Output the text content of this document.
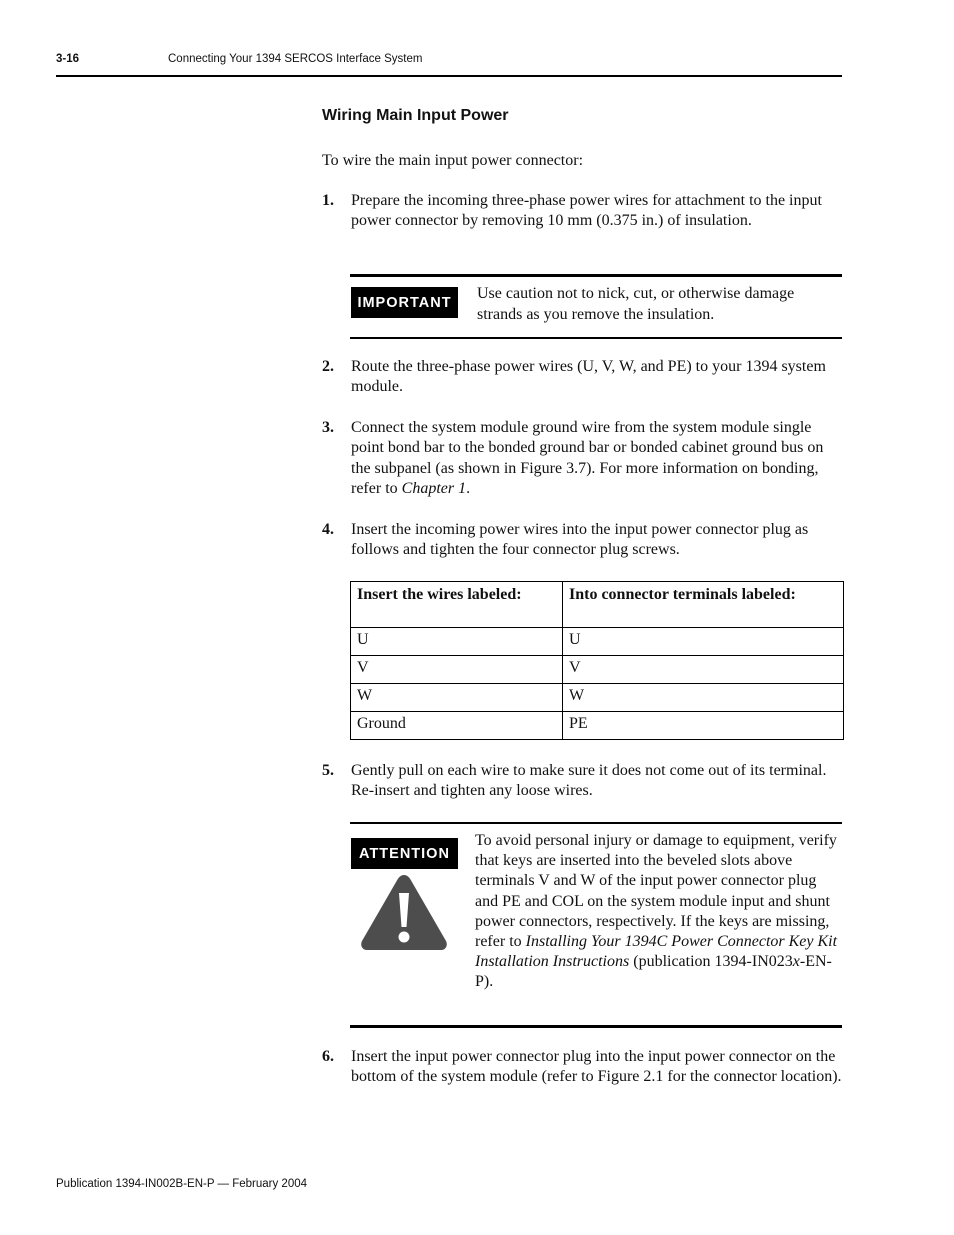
3-16	Connecting Your 1394 SERCOS Interface System
Wiring Main Input Power
To wire the main input power connector:
1. Prepare the incoming three-phase power wires for attachment to the input power connector by removing 10 mm (0.375 in.) of insulation.
IMPORTANT
Use caution not to nick, cut, or otherwise damage strands as you remove the insulation.
2. Route the three-phase power wires (U, V, W, and PE) to your 1394 system module.
3. Connect the system module ground wire from the system module single point bond bar to the bonded ground bar or bonded cabinet ground bus on the subpanel (as shown in Figure 3.7). For more information on bonding, refer to Chapter 1.
4. Insert the incoming power wires into the input power connector plug as follows and tighten the four connector plug screws.
Insert the wires labeled:	Into connector terminals labeled:
U	U
V	V
W	W
Ground	PE
5. Gently pull on each wire to make sure it does not come out of its terminal. Re-insert and tighten any loose wires.
ATTENTION
To avoid personal injury or damage to equipment, verify that keys are inserted into the beveled slots above terminals V and W of the input power connector plug and PE and COL on the system module input and shunt power connectors, respectively. If the keys are missing, refer to Installing Your 1394C Power Connector Key Kit Installation Instructions (publication 1394-IN023x-EN-P).
6. Insert the input power connector plug into the input power connector on the bottom of the system module (refer to Figure 2.1 for the connector location).
Publication 1394-IN002B-EN-P — February 2004
